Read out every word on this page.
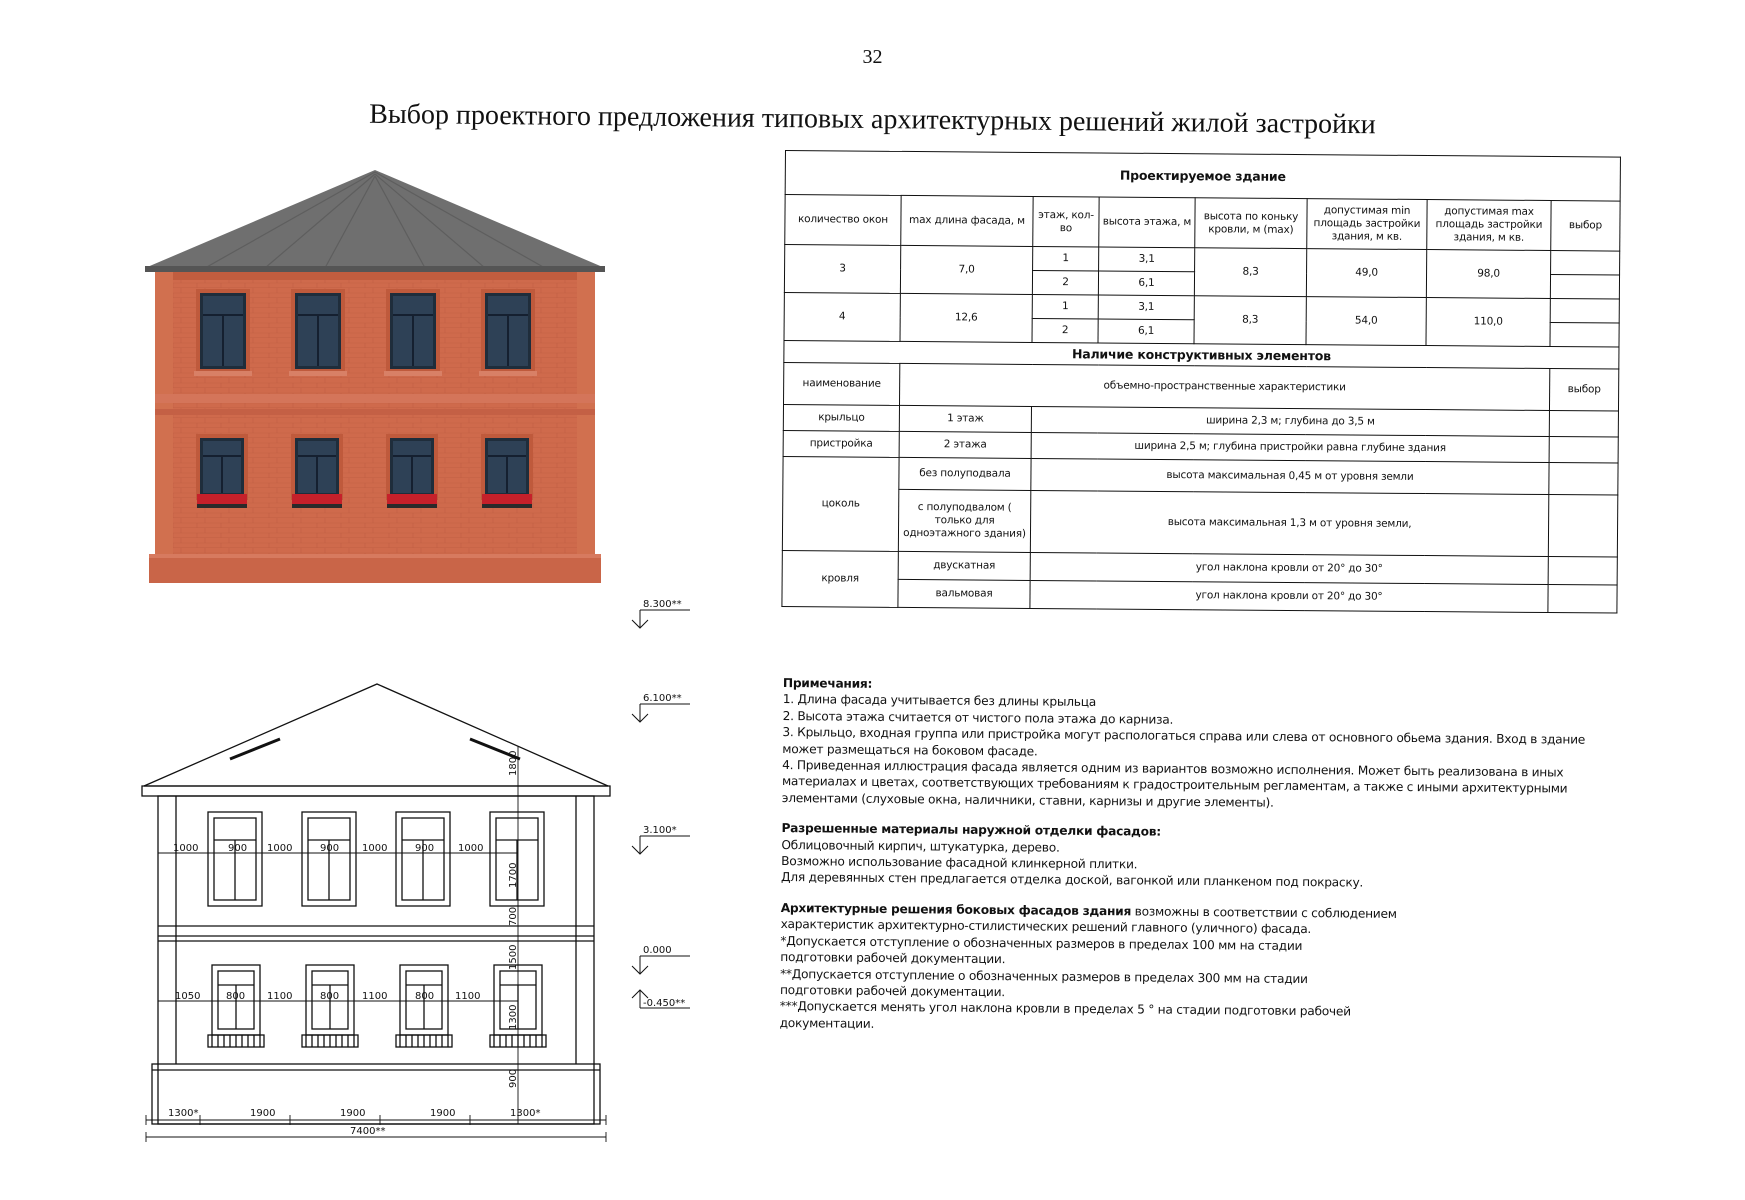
32
Выбор проектного предложения типовых архитектурных решений жилой застройки
1000	900 1000	900 1000	900 1000
1050	800 1100	800 1100	800 1100
1800
1700
700
1500
1300
900
8.300**
6.100**
3.100*
0.000
-0.450**
1300*	1900	1900	1900	1300*
7400**
Проектируемое здание							
количество окон	max длина фасада, м	этаж, кол-во	высота этажа, м	высота по коньку кровли, м (max)	допустимая min площадь застройки здания, м кв.	допустимая max площадь застройки здания, м кв.	выбор
3	7,0	1	3,1	8,3	49,0	98,0	
		2	6,1				
4	12,6	1	3,1	8,3	54,0	110,0	
		2	6,1				
Наличие конструктивных элементов							
наименование	объемно-пространственные характеристики						выбор
крыльцо	1 этаж	ширина 2,3 м; глубина до 3,5 м					
пристройка	2 этажа	ширина 2,5 м; глубина пристройки равна глубине здания					
цоколь	без полуподвала	высота максимальная 0,45 м от уровня земли					
	с полуподвалом ( только для одноэтажного здания)	высота максимальная 1,3 м от уровня земли,					
кровля	двускатная	угол наклона кровли от 20° до 30°					
	вальмовая	угол наклона кровли от 20° до 30°					

Примечания:

1. Длина фасада учитывается без длины крыльца

2. Высота этажа считается от чистого пола этажа до карниза.

3. Крыльцо, входная группа или пристройка могут распологаться справа или слева от основного обьема здания. Вход в здание может размещаться на боковом фасаде.

4. Приведенная иллюстрация фасада является одним из вариантов возможно исполнения. Может быть реализована в иных материалах и цветах, соответствующих требованиям к градостроительным регламентам, а также с иными архитектурными элементами (слуховые окна, наличники, ставни, карнизы и другие элементы).

Разрешенные материалы наружной отделки фасадов:

Облицовочный кирпич, штукатурка, дерево.

Возможно использование фасадной клинкерной плитки.

Для деревянных стен предлагается отделка доской, вагонкой или планкеном под покраску.

Архитектурные решения боковых фасадов здания возможны в соответствии с соблюдением характеристик архитектурно-стилистических решений главного (уличного) фасада.

*Допускается отступление о обозначенных размеров в пределах 100 мм на стадии подготовки рабочей документации.

**Допускается отступление о обозначенных размеров в пределах 300 мм на стадии подготовки рабочей документации.

***Допускается менять угол наклона кровли в пределах 5 ° на стадии подготовки рабочей документации.
